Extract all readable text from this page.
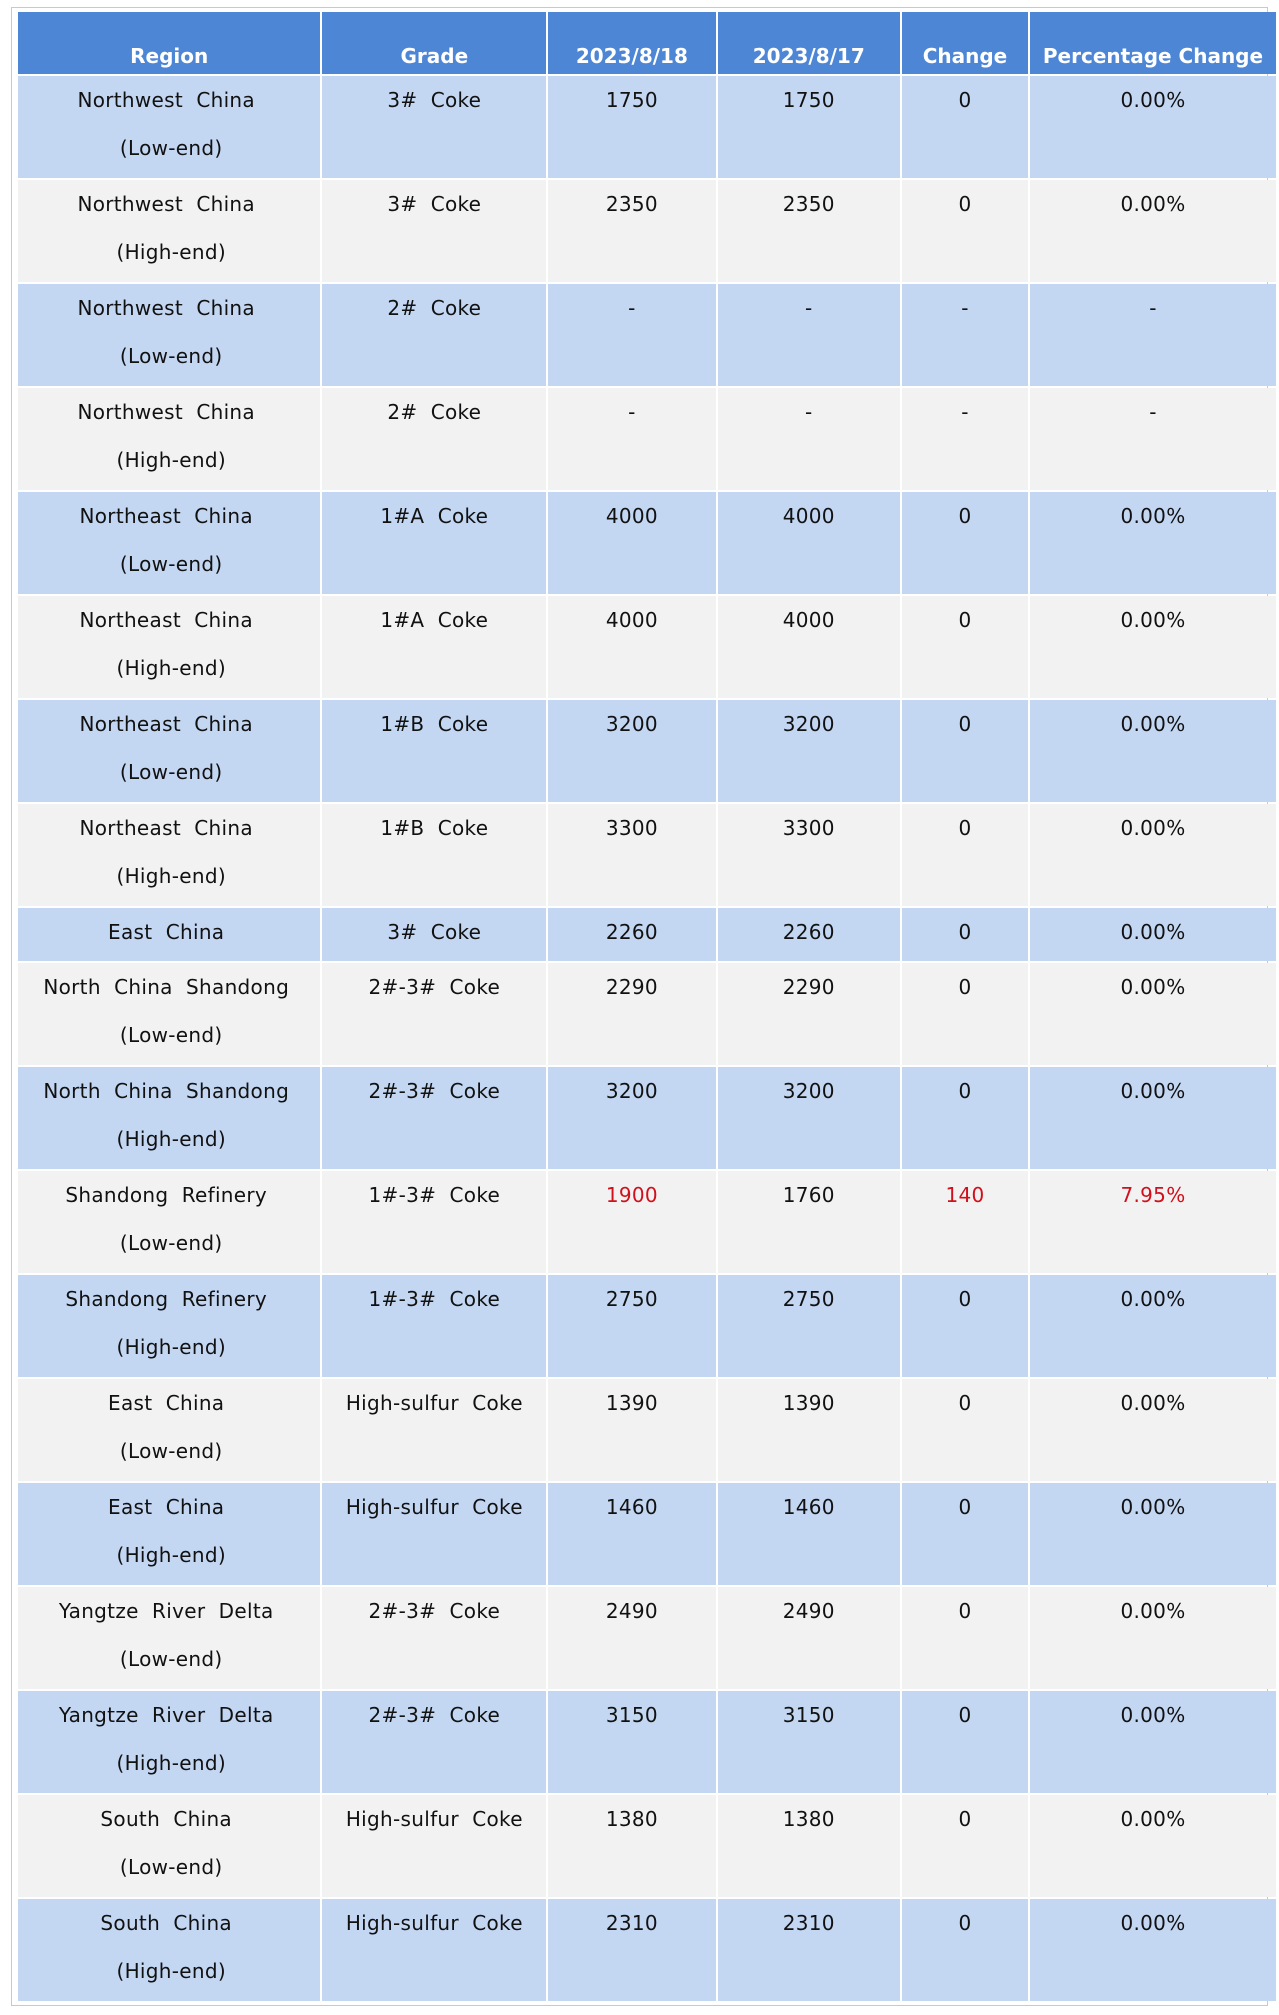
Region	Grade	2023/8/18	2023/8/17	Change	Percentage Change

Northwest  China
(Low-end)	3#  Coke	1750	1750	0	0.00%

Northwest  China
(High-end)	3#  Coke	2350	2350	0	0.00%

Northwest  China
(Low-end)	2#  Coke	-	-	-	-

Northwest  China
(High-end)	2#  Coke	-	-	-	-

Northeast  China
(Low-end)	1#A  Coke	4000	4000	0	0.00%

Northeast  China
(High-end)	1#A  Coke	4000	4000	0	0.00%

Northeast  China
(Low-end)	1#B  Coke	3200	3200	0	0.00%

Northeast  China
(High-end)	1#B  Coke	3300	3300	0	0.00%

East  China	3#  Coke	2260	2260	0	0.00%

North  China  Shandong
(Low-end)	2#-3#  Coke	2290	2290	0	0.00%

North  China  Shandong
(High-end)	2#-3#  Coke	3200	3200	0	0.00%

Shandong  Refinery
(Low-end)	1#-3#  Coke	1900	1760	140	7.95%

Shandong  Refinery
(High-end)	1#-3#  Coke	2750	2750	0	0.00%

East  China
(Low-end)	High-sulfur  Coke	1390	1390	0	0.00%

East  China
(High-end)	High-sulfur  Coke	1460	1460	0	0.00%

Yangtze  River  Delta
(Low-end)	2#-3#  Coke	2490	2490	0	0.00%

Yangtze  River  Delta
(High-end)	2#-3#  Coke	3150	3150	0	0.00%

South  China
(Low-end)	High-sulfur  Coke	1380	1380	0	0.00%

South  China
(High-end)	High-sulfur  Coke	2310	2310	0	0.00%
